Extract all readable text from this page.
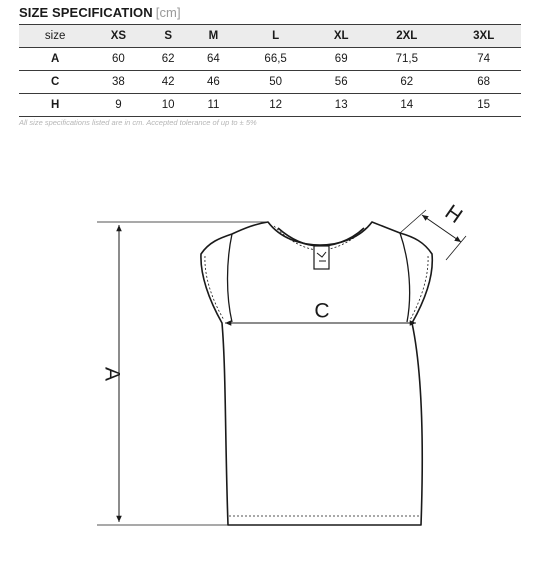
SIZE SPECIFICATION [cm]
size	XS	S	M	L	XL	2XL	3XL
A	60	62	64	66,5	69	71,5	74
C	38	42	46	50	56	62	68
H	9	10	11	12	13	14	15
All size specifications listed are in cm. Accepted tolerance of up to ± 5%
A
C
H
